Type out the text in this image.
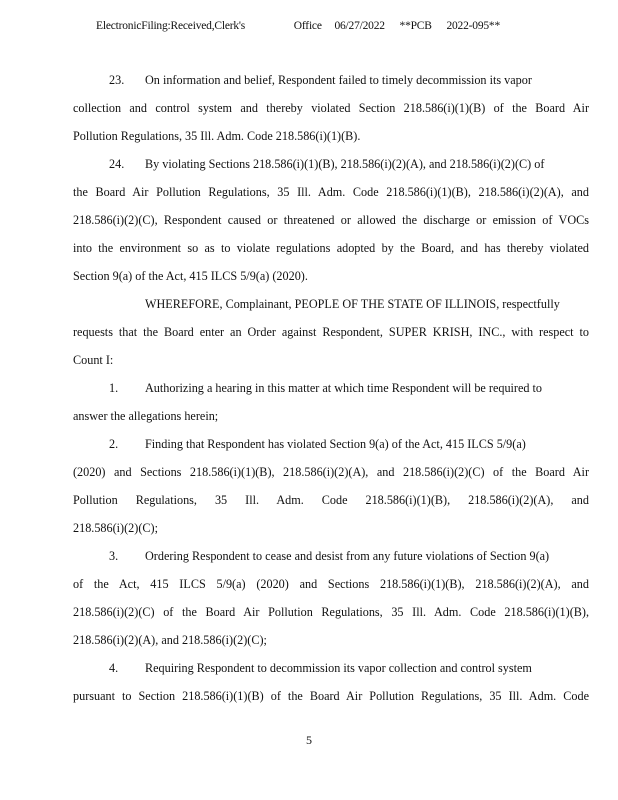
ElectronicFiling:Received,Clerk's	Office 06/27/2022 **PCB 2022-095**
23. On information and belief, Respondent failed to timely decommission its vapor
collection and control system and thereby violated Section 218.586(i)(1)(B) of the Board Air
Pollution Regulations, 35 Ill. Adm. Code 218.586(i)(1)(B).
24. By violating Sections 218.586(i)(1)(B), 218.586(i)(2)(A), and 218.586(i)(2)(C) of
the Board Air Pollution Regulations, 35 Ill. Adm. Code 218.586(i)(1)(B), 218.586(i)(2)(A), and
218.586(i)(2)(C), Respondent caused or threatened or allowed the discharge or emission of VOCs
into the environment so as to violate regulations adopted by the Board, and has thereby violated
Section 9(a) of the Act, 415 ILCS 5/9(a) (2020).
WHEREFORE, Complainant, PEOPLE OF THE STATE OF ILLINOIS, respectfully
requests that the Board enter an Order against Respondent, SUPER KRISH, INC., with respect to
Count I:
1. Authorizing a hearing in this matter at which time Respondent will be required to
answer the allegations herein;
2. Finding that Respondent has violated Section 9(a) of the Act, 415 ILCS 5/9(a)
(2020) and Sections 218.586(i)(1)(B), 218.586(i)(2)(A), and 218.586(i)(2)(C) of the Board Air
Pollution Regulations, 35 Ill. Adm. Code 218.586(i)(1)(B), 218.586(i)(2)(A), and
218.586(i)(2)(C);
3. Ordering Respondent to cease and desist from any future violations of Section 9(a)
of the Act, 415 ILCS 5/9(a) (2020) and Sections 218.586(i)(1)(B), 218.586(i)(2)(A), and
218.586(i)(2)(C) of the Board Air Pollution Regulations, 35 Ill. Adm. Code 218.586(i)(1)(B),
218.586(i)(2)(A), and 218.586(i)(2)(C);
4. Requiring Respondent to decommission its vapor collection and control system
pursuant to Section 218.586(i)(1)(B) of the Board Air Pollution Regulations, 35 Ill. Adm. Code
5
